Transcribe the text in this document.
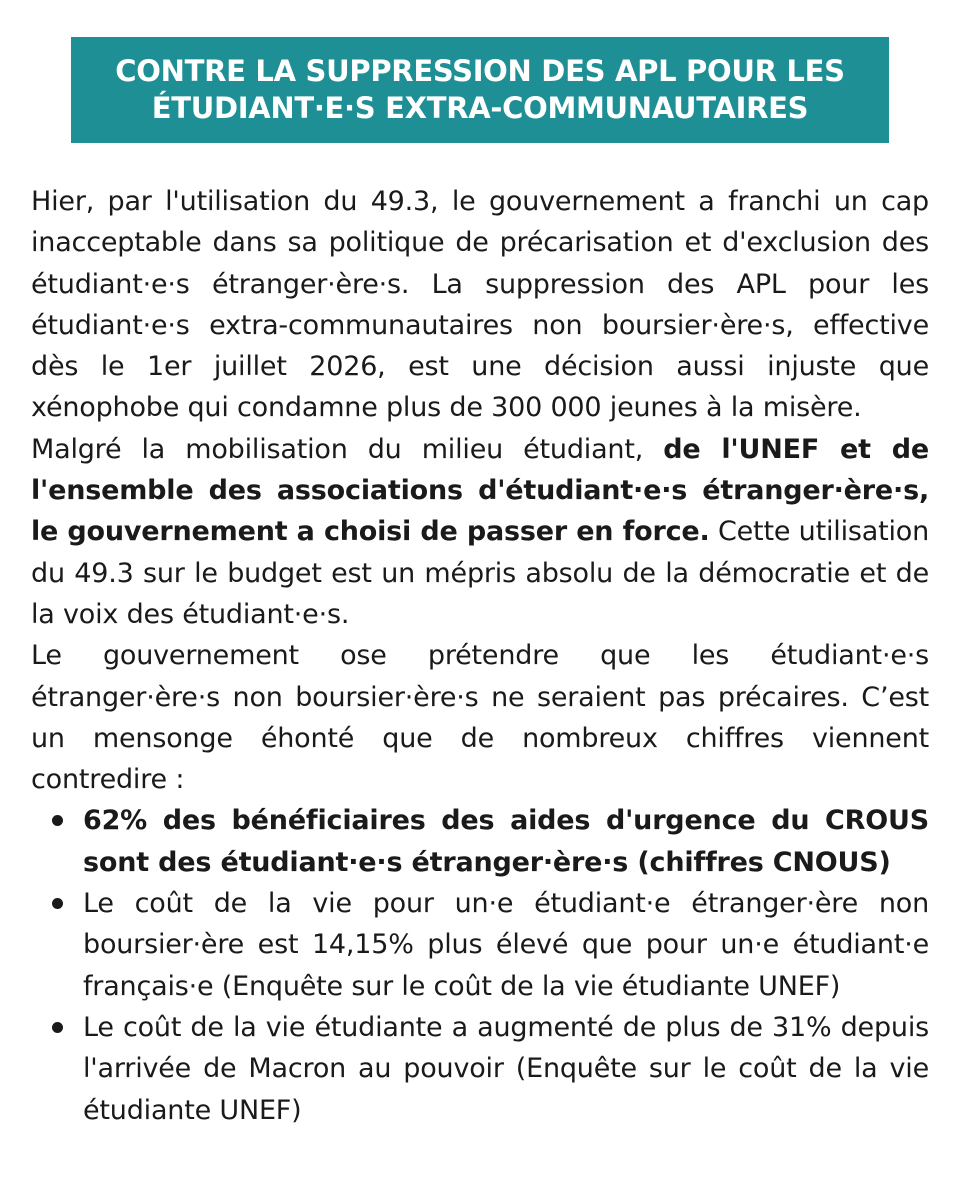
CONTRE LA SUPPRESSION DES APL POUR LES
ÉTUDIANT·E·S EXTRA-COMMUNAUTAIRES

Hier, par l'utilisation du 49.3, le gouvernement a franchi un cap inacceptable dans sa politique de précarisation et d'exclusion des étudiant·e·s étranger·ère·s. La suppression des APL pour les étudiant·e·s extra-communautaires non boursier·ère·s, effective dès le 1er juillet 2026, est une décision aussi injuste que xénophobe qui condamne plus de 300 000 jeunes à la misère.

Malgré la mobilisation du milieu étudiant, de l'UNEF et de l'ensemble des associations d'étudiant·e·s étranger·ère·s, le gouvernement a choisi de passer en force. Cette utilisation du 49.3 sur le budget est un mépris absolu de la démocratie et de la voix des étudiant·e·s.

Le gouvernement ose prétendre que les étudiant·e·s étranger·ère·s non boursier·ère·s ne seraient pas précaires. C’est un mensonge éhonté que de nombreux chiffres viennent contredire :

62% des bénéficiaires des aides d'urgence du CROUS sont des étudiant·e·s étranger·ère·s (chiffres CNOUS)
Le coût de la vie pour un·e étudiant·e étranger·ère non boursier·ère est 14,15% plus élevé que pour un·e étudiant·e français·e (Enquête sur le coût de la vie étudiante UNEF)
Le coût de la vie étudiante a augmenté de plus de 31% depuis l'arrivée de Macron au pouvoir (Enquête sur le coût de la vie étudiante UNEF)
